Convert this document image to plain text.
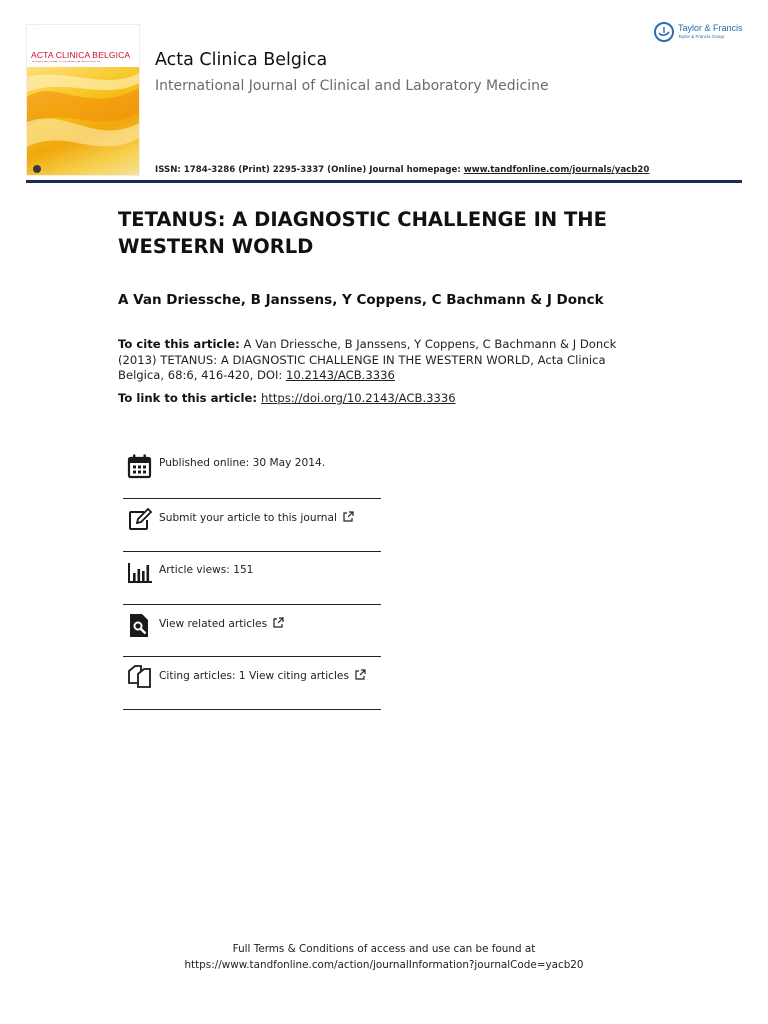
— —
ACTA CLINICA BELGICA
INTERNATIONAL JOURNAL OF CLINICAL AND LABORATORY MEDICINE
	Acta Clinica Belgica
International Journal of Clinical and Laboratory Medicine
ISSN: 1784-3286 (Print) 2295-3337 (Online) Journal homepage: www.tandfonline.com/journals/yacb20
Taylor & Francis
Taylor & Francis Group
TETANUS: A DIAGNOSTIC CHALLENGE IN THE WESTERN WORLD
A Van Driessche, B Janssens, Y Coppens, C Bachmann & J Donck
To cite this article: A Van Driessche, B Janssens, Y Coppens, C Bachmann & J Donck (2013) TETANUS: A DIAGNOSTIC CHALLENGE IN THE WESTERN WORLD, Acta Clinica Belgica, 68:6, 416-420, DOI: 10.2143/ACB.3336
To link to this article: https://doi.org/10.2143/ACB.3336
Published online: 30 May 2014.
Submit your article to this journal
Article views: 151
View related articles
Citing articles: 1 View citing articles
Full Terms & Conditions of access and use can be found at
https://www.tandfonline.com/action/journalInformation?journalCode=yacb20
